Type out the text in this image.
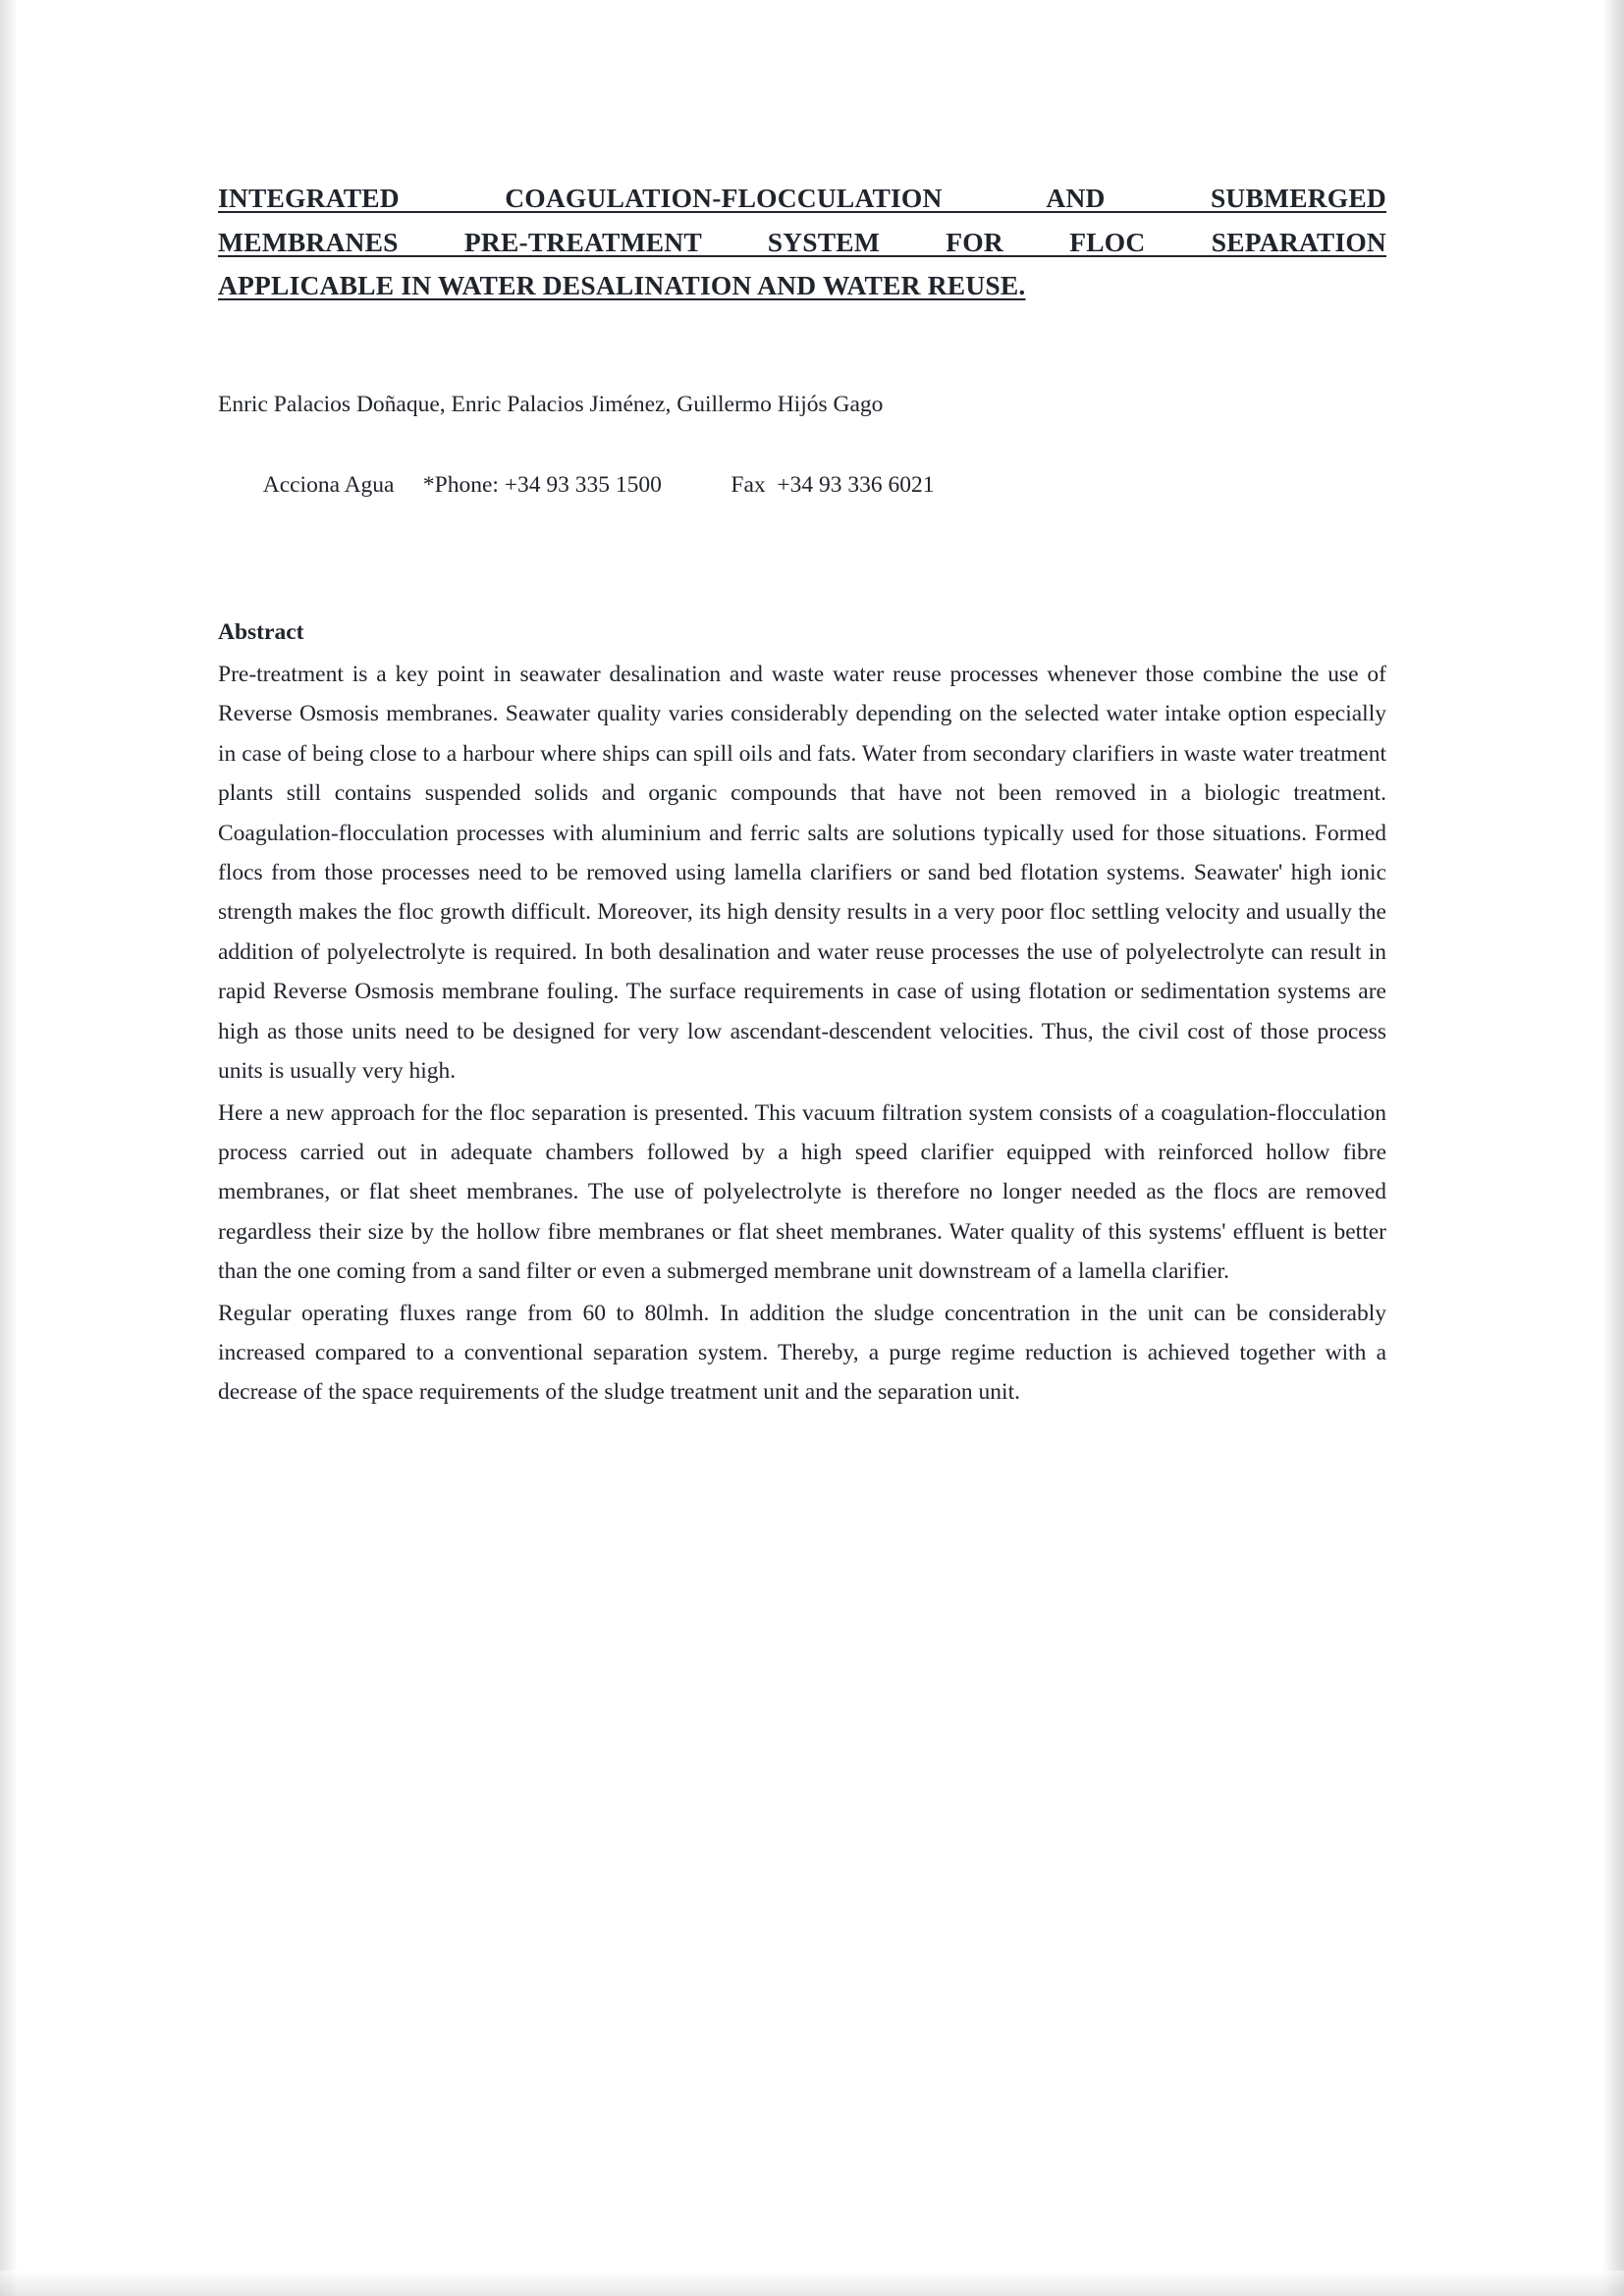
INTEGRATED COAGULATION-FLOCCULATION AND SUBMERGED
MEMBRANES PRE-TREATMENT SYSTEM FOR FLOC SEPARATION
APPLICABLE IN WATER DESALINATION AND WATER REUSE.
Enric Palacios Doñaque, Enric Palacios Jiménez, Guillermo Hijós Gago

Acciona Agua *Phone: +34 93 335 1500	Fax  +34 93 336 6021

Abstract

Pre-treatment is a key point in seawater desalination and waste water reuse processes whenever those combine the use of Reverse Osmosis membranes. Seawater quality varies considerably depending on the selected water intake option especially in case of being close to a harbour where ships can spill oils and fats. Water from secondary clarifiers in waste water treatment plants still contains suspended solids and organic compounds that have not been removed in a biologic treatment. Coagulation-flocculation processes with aluminium and ferric salts are solutions typically used for those situations. Formed flocs from those processes need to be removed using lamella clarifiers or sand bed flotation systems. Seawater' high ionic strength makes the floc growth difficult. Moreover, its high density results in a very poor floc settling velocity and usually the addition of polyelectrolyte is required. In both desalination and water reuse processes the use of polyelectrolyte can result in rapid Reverse Osmosis membrane fouling. The surface requirements in case of using flotation or sedimentation systems are high as those units need to be designed for very low ascendant-descendent velocities. Thus, the civil cost of those process units is usually very high.

Here a new approach for the floc separation is presented. This vacuum filtration system consists of a coagulation-flocculation process carried out in adequate chambers followed by a high speed clarifier equipped with reinforced hollow fibre membranes, or flat sheet membranes. The use of polyelectrolyte is therefore no longer needed as the flocs are removed regardless their size by the hollow fibre membranes or flat sheet membranes. Water quality of this systems' effluent is better than the one coming from a sand filter or even a submerged membrane unit downstream of a lamella clarifier.

Regular operating fluxes range from 60 to 80lmh. In addition the sludge concentration in the unit can be considerably increased compared to a conventional separation system. Thereby, a purge regime reduction is achieved together with a decrease of the space requirements of the sludge treatment unit and the separation unit.
